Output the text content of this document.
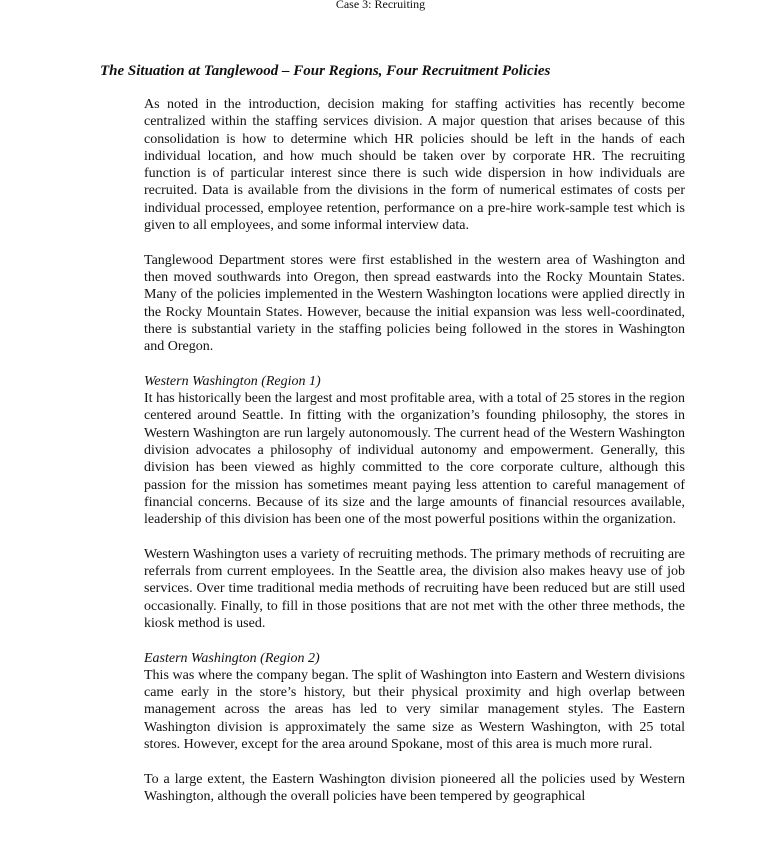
Case 3: Recruiting
The Situation at Tanglewood – Four Regions, Four Recruitment Policies

As noted in the introduction, decision making for staffing activities has recently become centralized within the staffing services division. A major question that arises because of this consolidation is how to determine which HR policies should be left in the hands of each individual location, and how much should be taken over by corporate HR. The recruiting function is of particular interest since there is such wide dispersion in how individuals are recruited. Data is available from the divisions in the form of numerical estimates of costs per individual processed, employee retention, performance on a pre-hire work-sample test which is given to all employees, and some informal interview data.

Tanglewood Department stores were first established in the western area of Washington and then moved southwards into Oregon, then spread eastwards into the Rocky Mountain States. Many of the policies implemented in the Western Washington locations were applied directly in the Rocky Mountain States. However, because the initial expansion was less well-coordinated, there is substantial variety in the staffing policies being followed in the stores in Washington and Oregon.

Western Washington (Region 1)
It has historically been the largest and most profitable area, with a total of 25 stores in the region centered around Seattle. In fitting with the organization’s founding philosophy, the stores in Western Washington are run largely autonomously. The current head of the Western Washington division advocates a philosophy of individual autonomy and empowerment. Generally, this division has been viewed as highly committed to the core corporate culture, although this passion for the mission has sometimes meant paying less attention to careful management of financial concerns. Because of its size and the large amounts of financial resources available, leadership of this division has been one of the most powerful positions within the organization.

Western Washington uses a variety of recruiting methods. The primary methods of recruiting are referrals from current employees. In the Seattle area, the division also makes heavy use of job services. Over time traditional media methods of recruiting have been reduced but are still used occasionally. Finally, to fill in those positions that are not met with the other three methods, the kiosk method is used.

Eastern Washington (Region 2)
This was where the company began. The split of Washington into Eastern and Western divisions came early in the store’s history, but their physical proximity and high overlap between management across the areas has led to very similar management styles. The Eastern Washington division is approximately the same size as Western Washington, with 25 total stores. However, except for the area around Spokane, most of this area is much more rural.

To a large extent, the Eastern Washington division pioneered all the policies used by Western Washington, although the overall policies have been tempered by geographical
